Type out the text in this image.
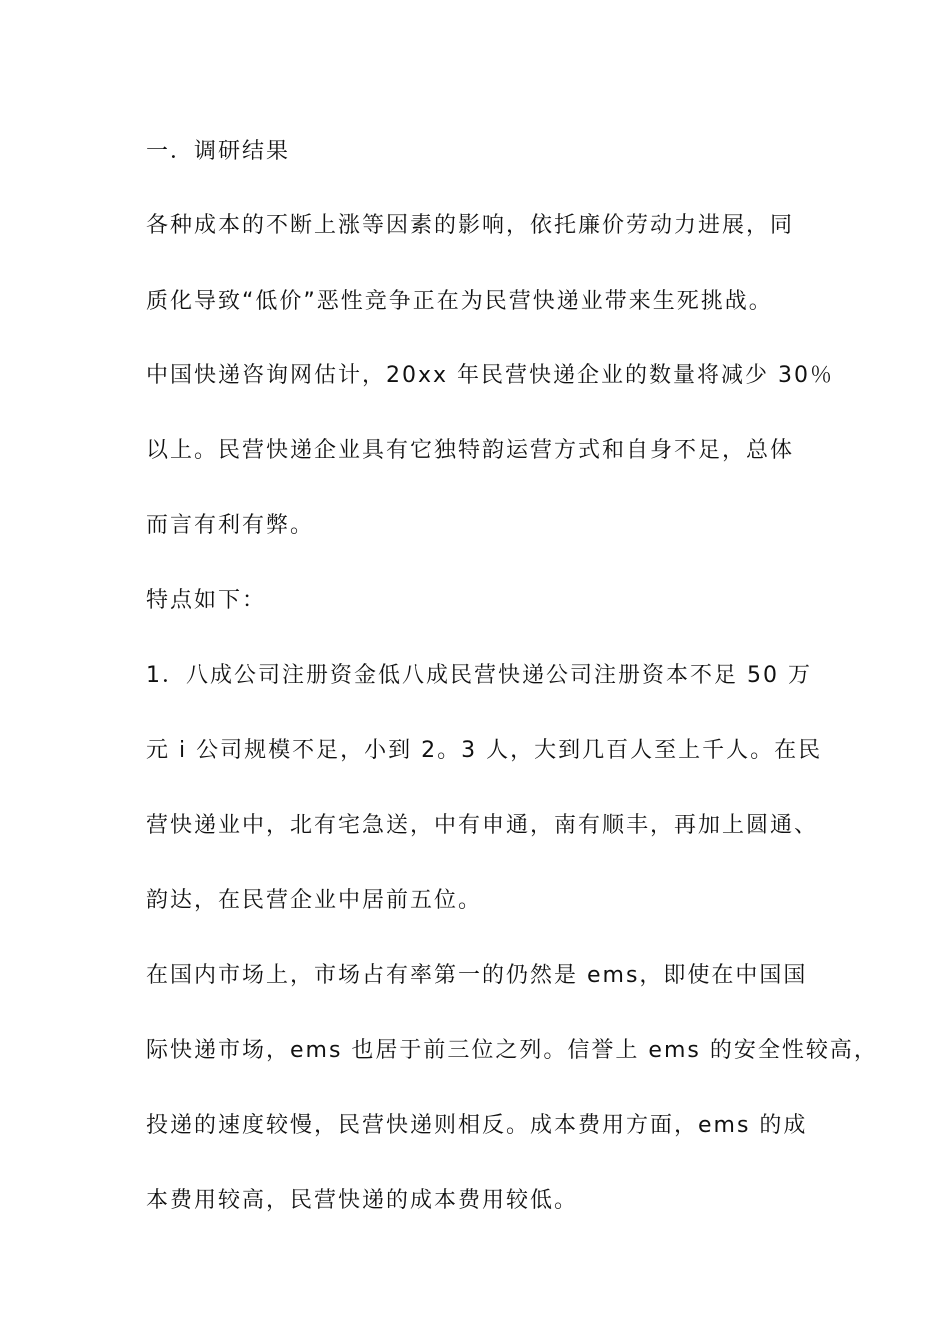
一．调研结果
各种成本的不断上涨等因素的影响，依托廉价劳动力进展，同
质化导致“低价”恶性竞争正在为民营快递业带来生死挑战。
中国快递咨询网估计，20xx 年民营快递企业的数量将减少 30％
以上。民营快递企业具有它独特韵运营方式和自身不足，总体
而言有利有弊。
特点如下：
1．八成公司注册资金低八成民营快递公司注册资本不足 50 万
元 i 公司规模不足，小到 2。3 人，大到几百人至上千人。在民
营快递业中，北有宅急送，中有申通，南有顺丰，再加上圆通、
韵达，在民营企业中居前五位。
在国内市场上，市场占有率第一的仍然是 ems，即使在中国国
际快递市场，ems 也居于前三位之列。信誉上 ems 的安全性较高，
投递的速度较慢，民营快递则相反。成本费用方面，ems 的成
本费用较高，民营快递的成本费用较低。
